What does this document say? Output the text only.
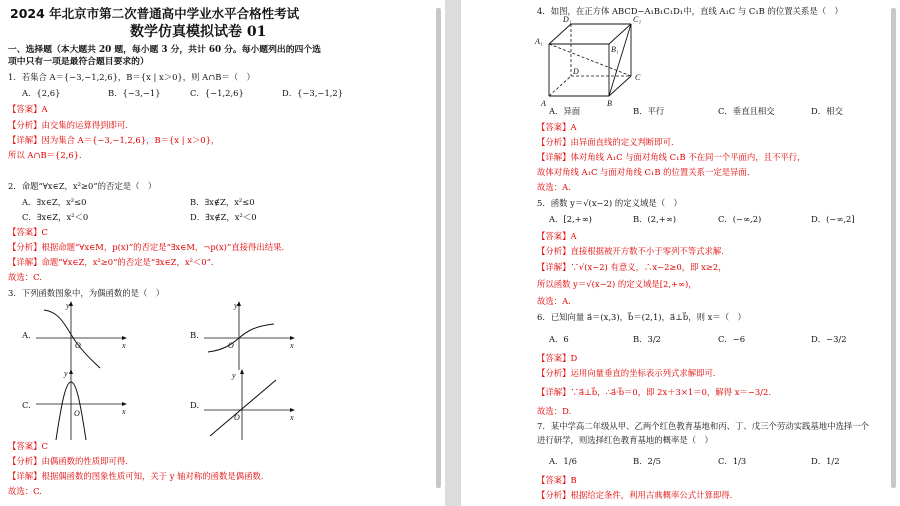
2024 年北京市第二次普通高中学业水平合格性考试
数学仿真模拟试卷 01
一、选择题（本大题共 20 题，每小题 3 分，共计 60 分。每小题列出的四个选
项中只有一项是最符合题目要求的）
1．若集合 A＝{−3,−1,2,6}，B＝{x | x＞0}，则 A∩B＝（　）
A．{2,6}	B．{−3,−1}	C．{−1,2,6}	D．{−3,−1,2}
【答案】A
【分析】由交集的运算得到即可.
【详解】因为集合 A＝{−3,−1,2,6}，B＝{x | x＞0}，
所以 A∩B＝{2,6}.
2．命题“∀x∈Z，x²≥0”的否定是（　）
A．∃x∈Z，x²≤0	B．∃x∉Z，x²≤0
C．∃x∈Z，x²＜0	D．∃x∉Z，x²＜0
【答案】C
【分析】根据命题“∀x∈M，p(x)”的否定是“∃x∈M，¬p(x)”直接得出结果.
【详解】命题“∀x∈Z，x²≥0”的否定是“∃x∈Z，x²＜0”.
故选：C.
3．下列函数图象中，为偶函数的是（　）
A.
O
y
x
B.
O
y
x
C.
O
y
x
D.
O
y
x
【答案】C
【分析】由偶函数的性质即可得.
【详解】根据偶函数的图象性质可知，关于 y 轴对称的函数是偶函数.
故选：C.
4．如图，在正方体 ABCD−A₁B₁C₁D₁中，直线 A₁C 与 C₁B 的位置关系是（　）
A	B
C
D
A₁
B₁
C₁
D₁
A．异面	B．平行	C．垂直且相交	D．相交
【答案】A
【分析】由异面直线的定义判断即可.
【详解】体对角线 A₁C 与面对角线 C₁B 不在同一个平面内，且不平行，
故体对角线 A₁C 与面对角线 C₁B 的位置关系一定是异面.
故选：A.
5．函数 y＝√(x−2) 的定义域是（　）
A．[2,+∞)	B．(2,+∞)	C．(−∞,2)	D．(−∞,2]
【答案】A
【分析】直接根据被开方数不小于零列不等式求解.
【详解】∵√(x−2) 有意义，∴x−2≥0，即 x≥2，
所以函数 y＝√(x−2) 的定义域是[2,+∞)，
故选：A.
6．已知向量 a⃗＝(x,3)，b⃗＝(2,1)，a⃗⊥b⃗，则 x＝（　）
A．6	B．3/2	C．−6	D．−3/2
【答案】D
【分析】运用向量垂直的坐标表示列式求解即可.
【详解】∵a⃗⊥b⃗，∴a⃗·b⃗＝0，即 2x＋3×1＝0，解得 x＝−3/2.
故选：D.
7．某中学高二年级从甲、乙两个红色教育基地和丙、丁、戊三个劳动实践基地中选择一个
进行研学，则选择红色教育基地的概率是（　）
A．1/6	B．2/5	C．1/3	D．1/2
【答案】B
【分析】根据给定条件，利用古典概率公式计算即得.
